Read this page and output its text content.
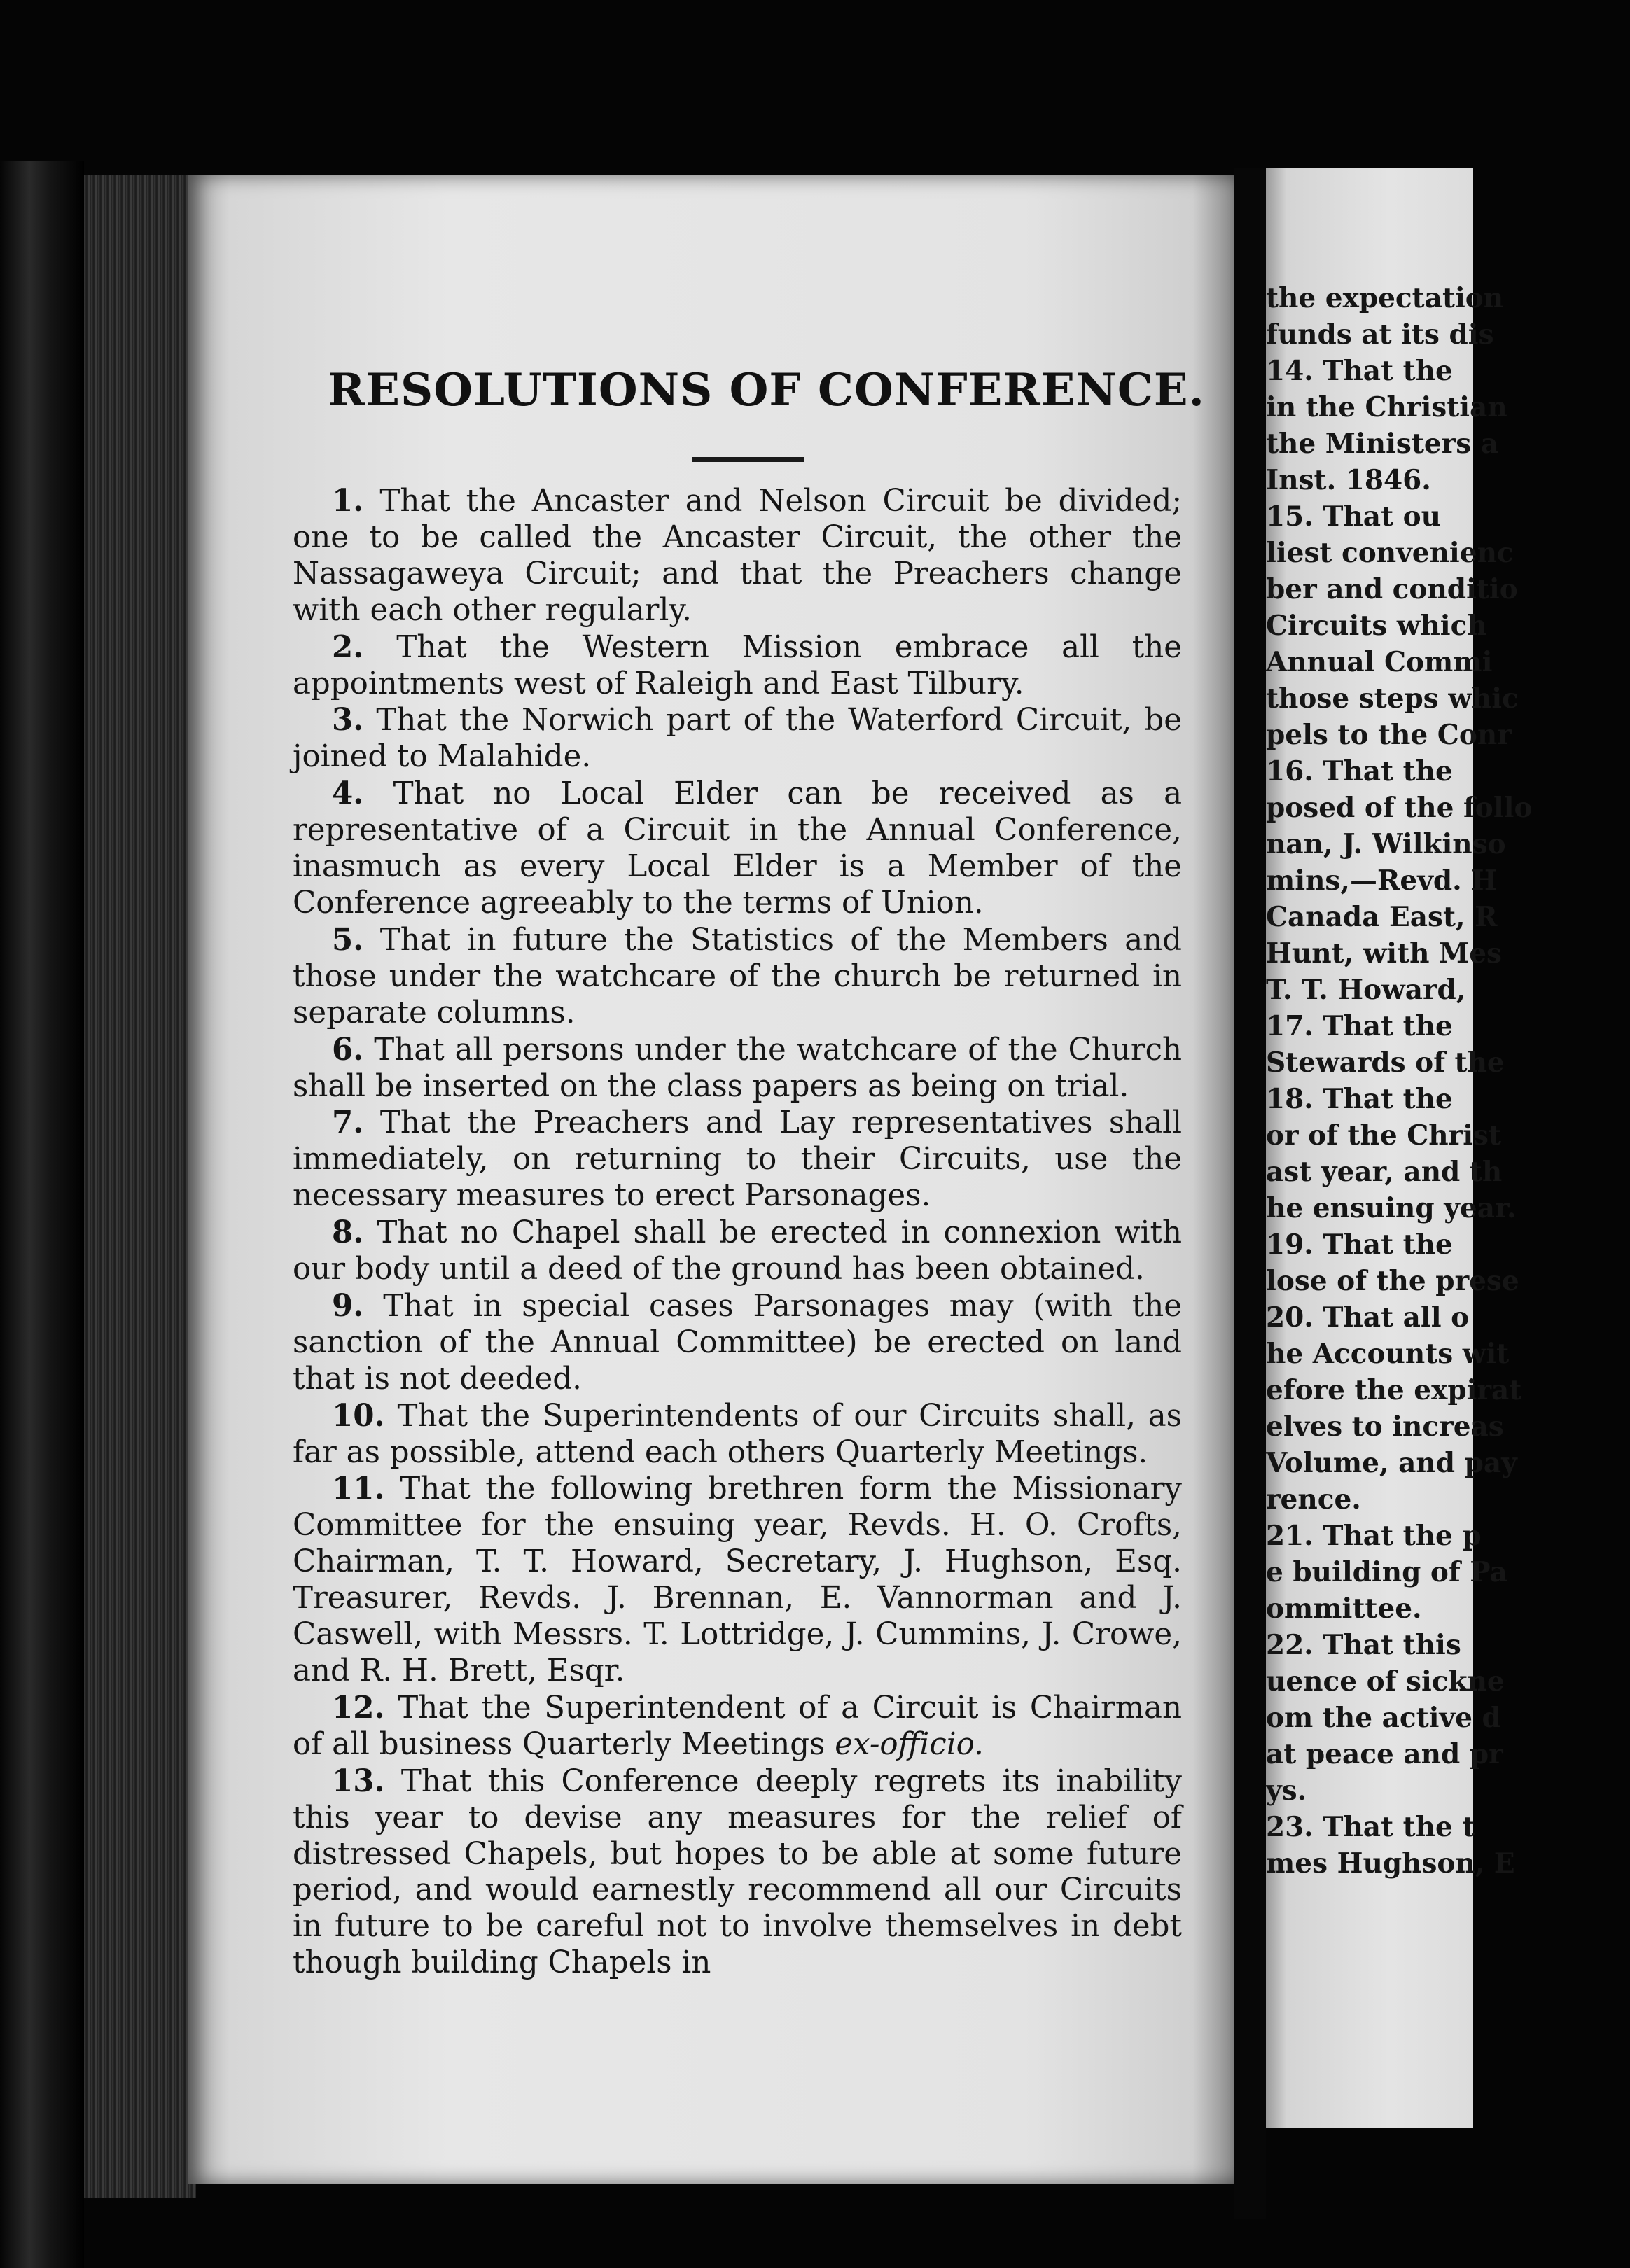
RESOLUTIONS OF CONFERENCE.

1. That the Ancaster and Nelson Circuit be divided; one to be called the Ancaster Circuit, the other the Nassagaweya Circuit; and that the Preachers change with each other regularly.

2. That the Western Mission embrace all the appointments west of Raleigh and East Tilbury.

3. That the Norwich part of the Waterford Circuit, be joined to Malahide.

4. That no Local Elder can be received as a representative of a Circuit in the Annual Conference, inasmuch as every Local Elder is a Member of the Conference agreeably to the terms of Union.

5. That in future the Statistics of the Members and those under the watchcare of the church be returned in separate columns.

6. That all persons under the watchcare of the Church shall be inserted on the class papers as being on trial.

7. That the Preachers and Lay representatives shall immediately, on returning to their Circuits, use the necessary measures to erect Parsonages.

8. That no Chapel shall be erected in connexion with our body until a deed of the ground has been obtained.

9. That in special cases Parsonages may (with the sanction of the Annual Committee) be erected on land that is not deeded.

10. That the Superintendents of our Circuits shall, as far as possible, attend each others Quarterly Meetings.

11. That the following brethren form the Missionary Committee for the ensuing year, Revds. H. O. Crofts, Chairman, T. T. Howard, Secretary, J. Hughson, Esq. Treasurer, Revds. J. Brennan, E. Vannorman and J. Caswell, with Messrs. T. Lottridge, J. Cummins, J. Crowe, and R. H. Brett, Esqr.

12. That the Superintendent of a Circuit is Chairman of all business Quarterly Meetings ex-officio.

13. That this Conference deeply regrets its inability this year to devise any measures for the relief of distressed Chapels, but hopes to be able at some future period, and would earnestly recommend all our Circuits in future to be careful not to involve themselves in debt though building Chapels in

the expectation
funds at its dis
14. That the
in the Christian
the Ministers a
Inst. 1846.
15. That ou
liest convenienc
ber and conditio
Circuits which
Annual Commi
those steps whic
pels to the Conr
16. That the
posed of the follo
nan, J. Wilkinso
mins,—Revd. H
Canada East, R
Hunt, with Mes
T. T. Howard,
17. That the
Stewards of the
18. That the
or of the Christ
ast year, and th
he ensuing year.
19. That the
lose of the prese
20. That all o
he Accounts wit
efore the expirat
elves to increas
Volume, and pay
rence.
21. That the p
e building of Pa
ommittee.
22. That this
uence of sickne
om the active d
at peace and pr
ys.
23. That the t
mes Hughson, E
